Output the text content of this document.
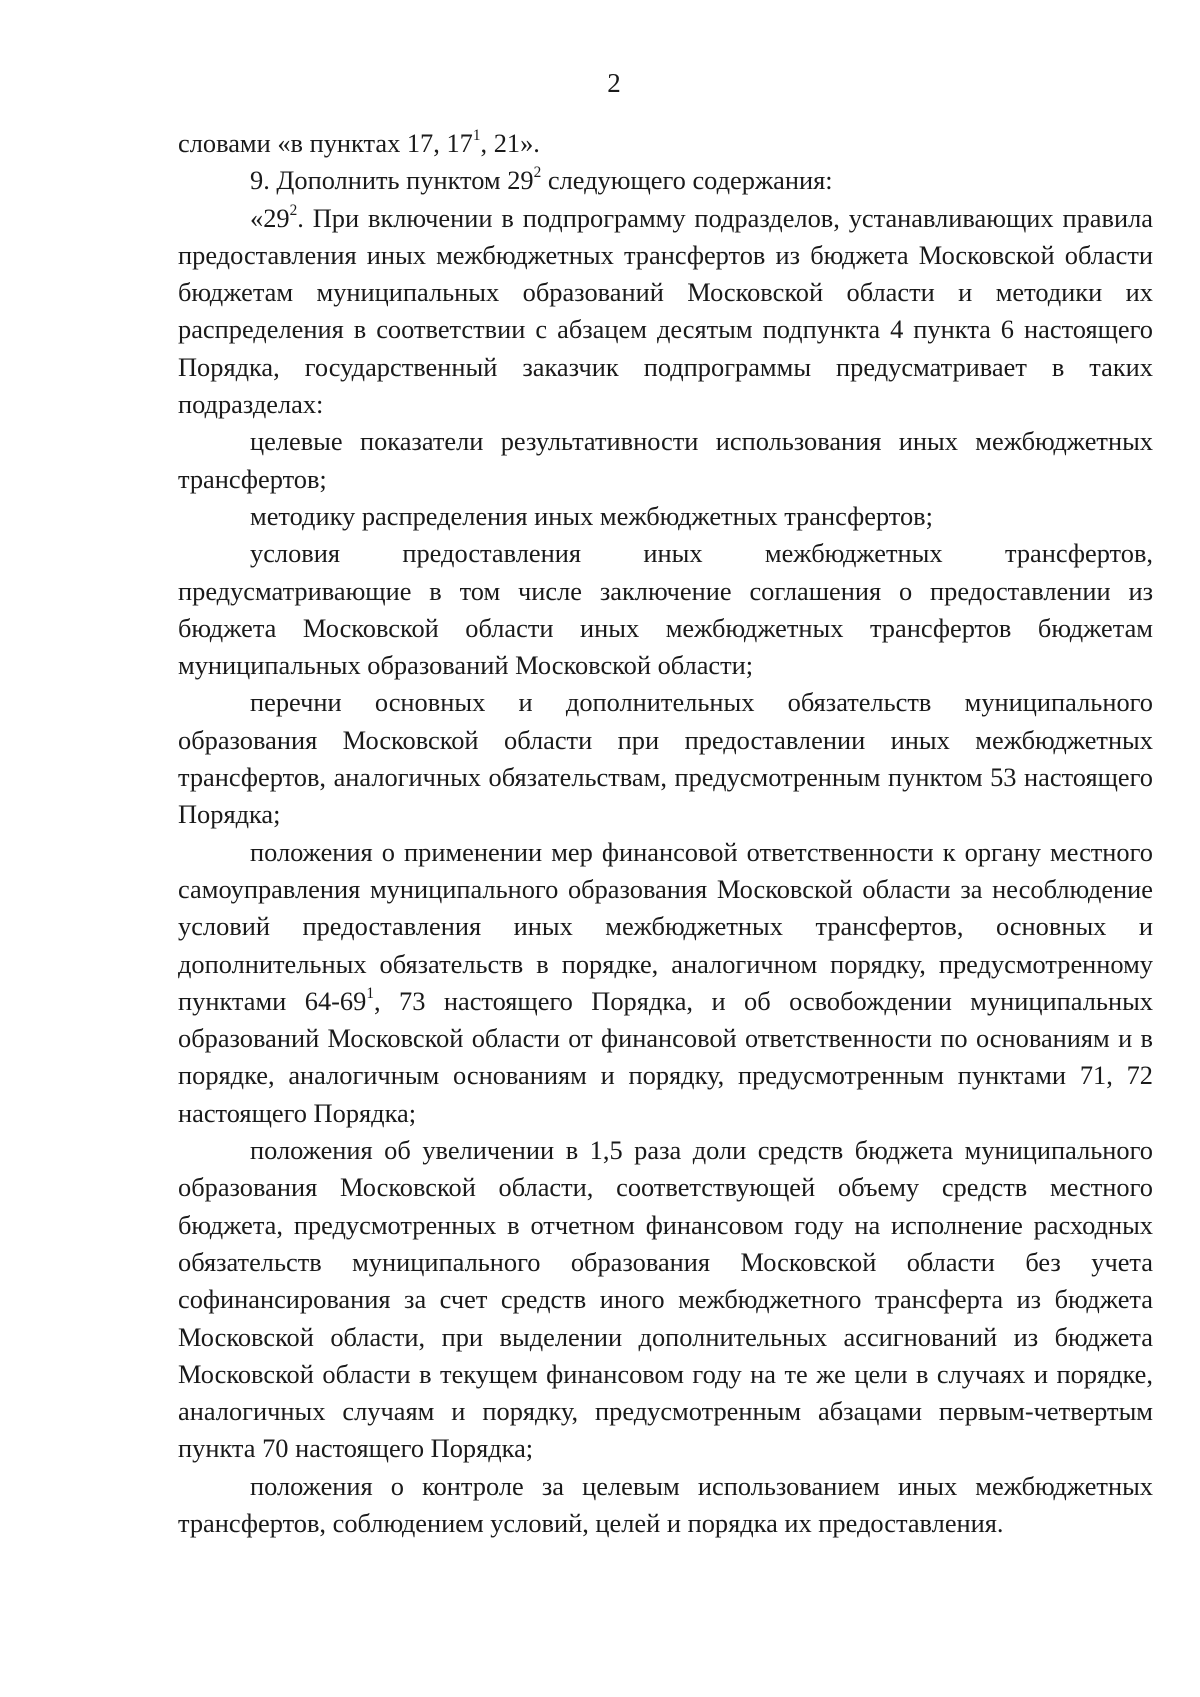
2

словами «в пунктах 17, $17^1$, 21».

9. Дополнить пунктом $29^2$ следующего содержания:

«$29^2$. При включении в подпрограмму подразделов, устанавливающих правила предоставления иных межбюджетных трансфертов из бюджета Московской области бюджетам муниципальных образований Московской области и методики их распределения в соответствии с абзацем десятым подпункта 4 пункта 6 настоящего Порядка, государственный заказчик подпрограммы предусматривает в таких подразделах:

целевые показатели результативности использования иных межбюджетных трансфертов;

методику распределения иных межбюджетных трансфертов;

условия предоставления иных межбюджетных трансфертов, предусматривающие в том числе заключение соглашения о предоставлении из бюджета Московской области иных межбюджетных трансфертов бюджетам муниципальных образований Московской области;

перечни основных и дополнительных обязательств муниципального образования Московской области при предоставлении иных межбюджетных трансфертов, аналогичных обязательствам, предусмотренным пунктом 53 настоящего Порядка;

положения о применении мер финансовой ответственности к органу местного самоуправления муниципального образования Московской области за несоблюдение условий предоставления иных межбюджетных трансфертов, основных и дополнительных обязательств в порядке, аналогичном порядку, предусмотренному пунктами $64-69^1$, 73 настоящего Порядка, и об освобождении муниципальных образований Московской области от финансовой ответственности по основаниям и в порядке, аналогичным основаниям и порядку, предусмотренным пунктами 71, 72 настоящего Порядка;

положения об увеличении в 1,5 раза доли средств бюджета муниципального образования Московской области, соответствующей объему средств местного бюджета, предусмотренных в отчетном финансовом году на исполнение расходных обязательств муниципального образования Московской области без учета софинансирования за счет средств иного межбюджетного трансферта из бюджета Московской области, при выделении дополнительных ассигнований из бюджета Московской области в текущем финансовом году на те же цели в случаях и порядке, аналогичных случаям и порядку, предусмотренным абзацами первым-четвертым пункта 70 настоящего Порядка;

положения о контроле за целевым использованием иных межбюджетных трансфертов, соблюдением условий, целей и порядка их предоставления.
